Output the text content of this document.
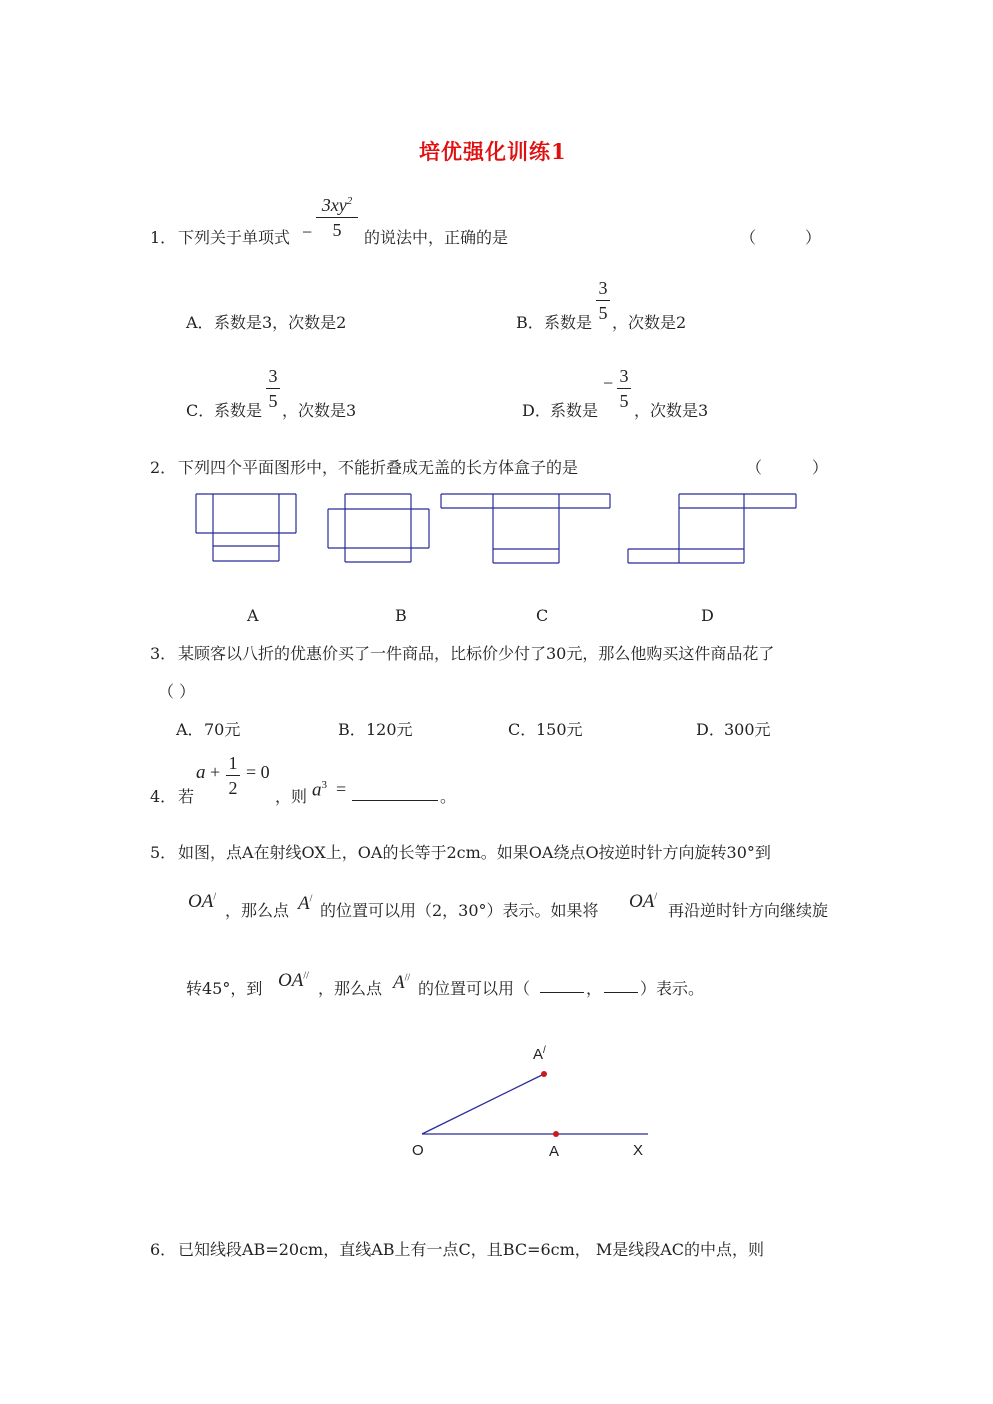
培优强化训练1
1． 下列关于单项式 −
$3xy^2$
5	的说法中，正确的是	（	）
A． 系数是3，次数是2	B． 系数是
3
5 ，次数是2
C． 系数是
3
5 ，次数是3	D． 系数是
− 3
5 ，次数是3
2． 下列四个平面图形中，不能折叠成无盖的长方体盒子的是	（	）
A	B	C	D
3． 某顾客以八折的优惠价买了一件商品，比标价少付了30元，那么他购买这件商品花了
（ ）
A． 70元	B． 120元	C． 150元	D． 300元
4． 若
a + 1
2
= 0
，则 $a^3$ =	。
5． 如图，点A在射线OX上，OA的长等于2cm。如果OA绕点O按逆时针方向旋转30°到
OA/
，那么点 A/
的位置可以用（2，30°）表示。如果将 OA/
再沿逆时针方向继续旋
转45°，到 OA//
，那么点 A//
的位置可以用（	， ）表示。
A/
O	A	X
6． 已知线段AB=20cm，直线AB上有一点C，且BC=6cm， M是线段AC的中点，则
